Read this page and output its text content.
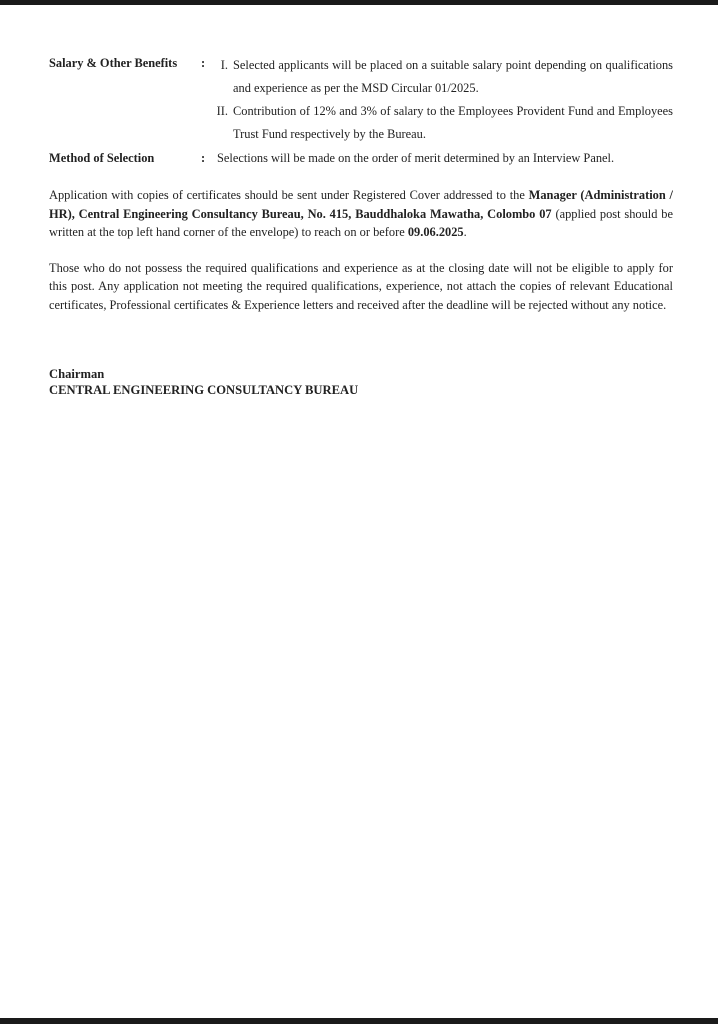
Salary & Other Benefits	:	I. Selected applicants will be placed on a suitable salary point depending on qualifications and experience as per the MSD Circular 01/2025.
II. Contribution of 12% and 3% of salary to the Employees Provident Fund and Employees Trust Fund respectively by the Bureau.
Method of Selection	: Selections will be made on the order of merit determined by an Interview Panel.

Application with copies of certificates should be sent under Registered Cover addressed to the Manager (Administration / HR), Central Engineering Consultancy Bureau, No. 415, Bauddhaloka Mawatha, Colombo 07 (applied post should be written at the top left hand corner of the envelope) to reach on or before 09.06.2025.

Those who do not possess the required qualifications and experience as at the closing date will not be eligible to apply for this post. Any application not meeting the required qualifications, experience, not attach the copies of relevant Educational certificates, Professional certificates & Experience letters and received after the deadline will be rejected without any notice.

Chairman
CENTRAL ENGINEERING CONSULTANCY BUREAU
